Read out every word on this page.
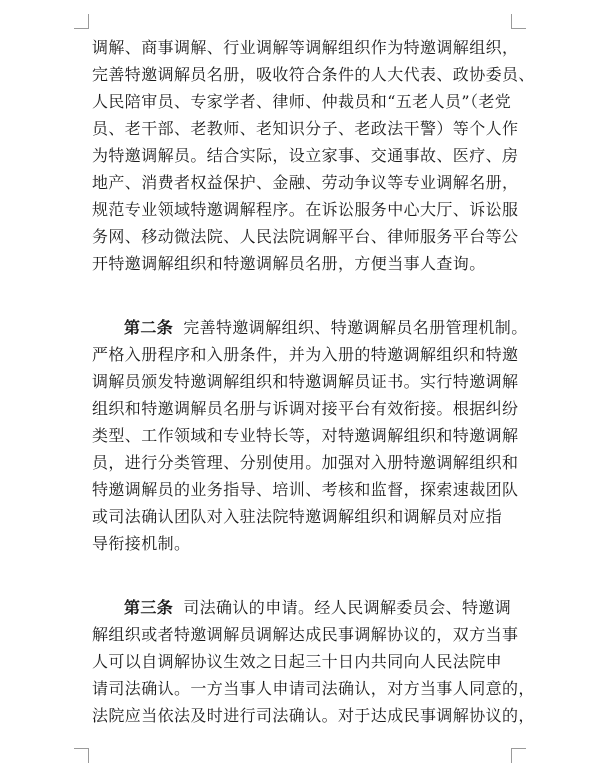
调解、商事调解、行业调解等调解组织作为特邀调解组织，
完善特邀调解员名册，吸收符合条件的人大代表、政协委员、
人民陪审员、专家学者、律师、仲裁员和“五老人员”（老党
员、老干部、老教师、老知识分子、老政法干警）等个人作
为特邀调解员。结合实际，设立家事、交通事故、医疗、房
地产、消费者权益保护、金融、劳动争议等专业调解名册，
规范专业领域特邀调解程序。在诉讼服务中心大厅、诉讼服
务网、移动微法院、人民法院调解平台、律师服务平台等公
开特邀调解组织和特邀调解员名册，方便当事人查询。
第二条 完善特邀调解组织、特邀调解员名册管理机制。
严格入册程序和入册条件，并为入册的特邀调解组织和特邀
调解员颁发特邀调解组织和特邀调解员证书。实行特邀调解
组织和特邀调解员名册与诉调对接平台有效衔接。根据纠纷
类型、工作领域和专业特长等，对特邀调解组织和特邀调解
员，进行分类管理、分别使用。加强对入册特邀调解组织和
特邀调解员的业务指导、培训、考核和监督，探索速裁团队
或司法确认团队对入驻法院特邀调解组织和调解员对应指
导衔接机制。
第三条 司法确认的申请。经人民调解委员会、特邀调
解组织或者特邀调解员调解达成民事调解协议的，双方当事
人可以自调解协议生效之日起三十日内共同向人民法院申
请司法确认。一方当事人申请司法确认，对方当事人同意的，
法院应当依法及时进行司法确认。对于达成民事调解协议的，
